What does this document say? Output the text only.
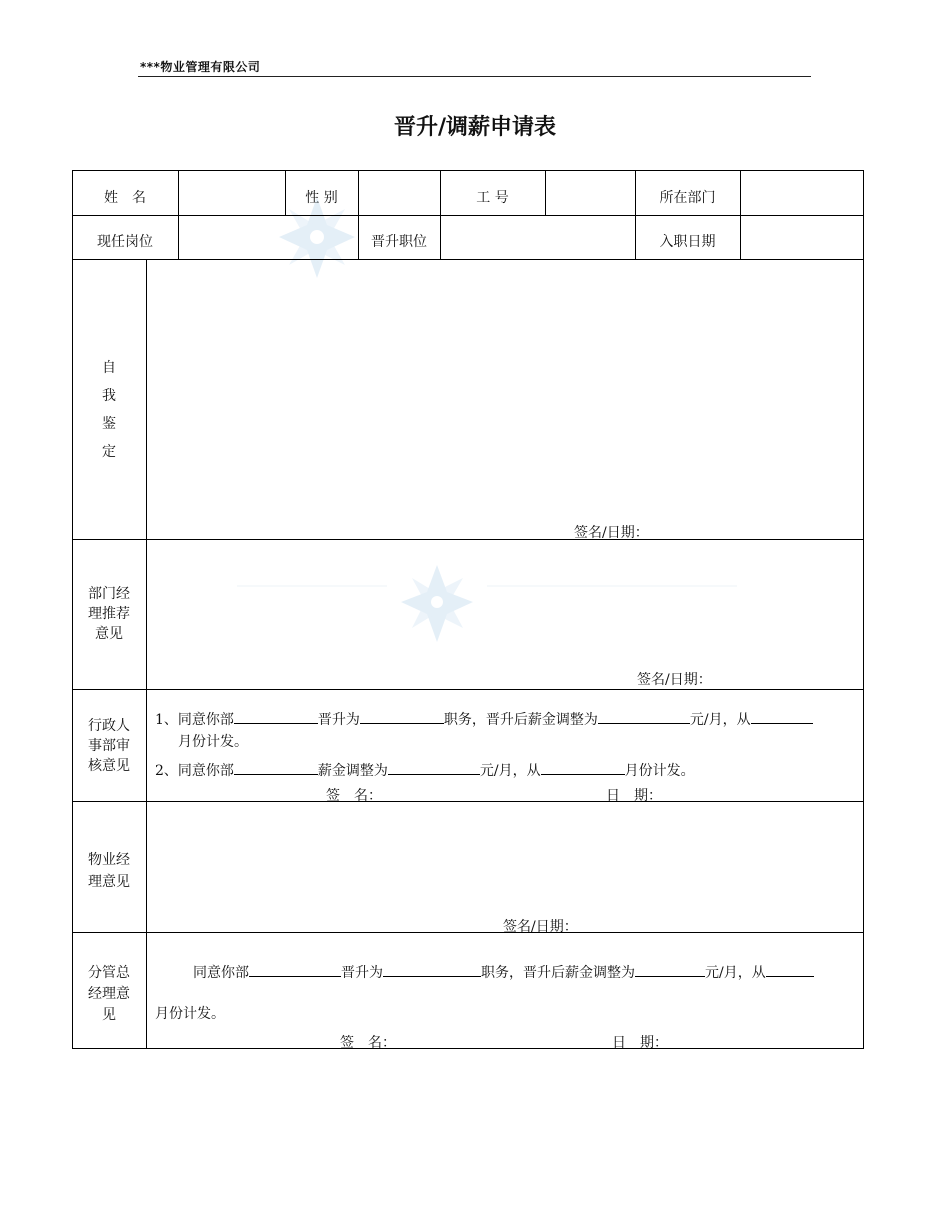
***物业管理有限公司
晋升/调薪申请表
姓　名	性 别	工 号	所在部门
现任岗位	晋升职位	入职日期
自
我
鉴
定
签名/日期：
部门经
理推荐
意见
签名/日期：
行政人
事部审
核意见
1、同意你部	晋升为	职务，晋升后薪金调整为	元/月，从
月份计发。
2、同意你部	薪金调整为	元/月，从	月份计发。
签　名：	日　期：
物业经
理意见
签名/日期：
分管总
经理意
见
同意你部	晋升为	职务，晋升后薪金调整为	元/月，从
月份计发。
签　名：	日　期：
